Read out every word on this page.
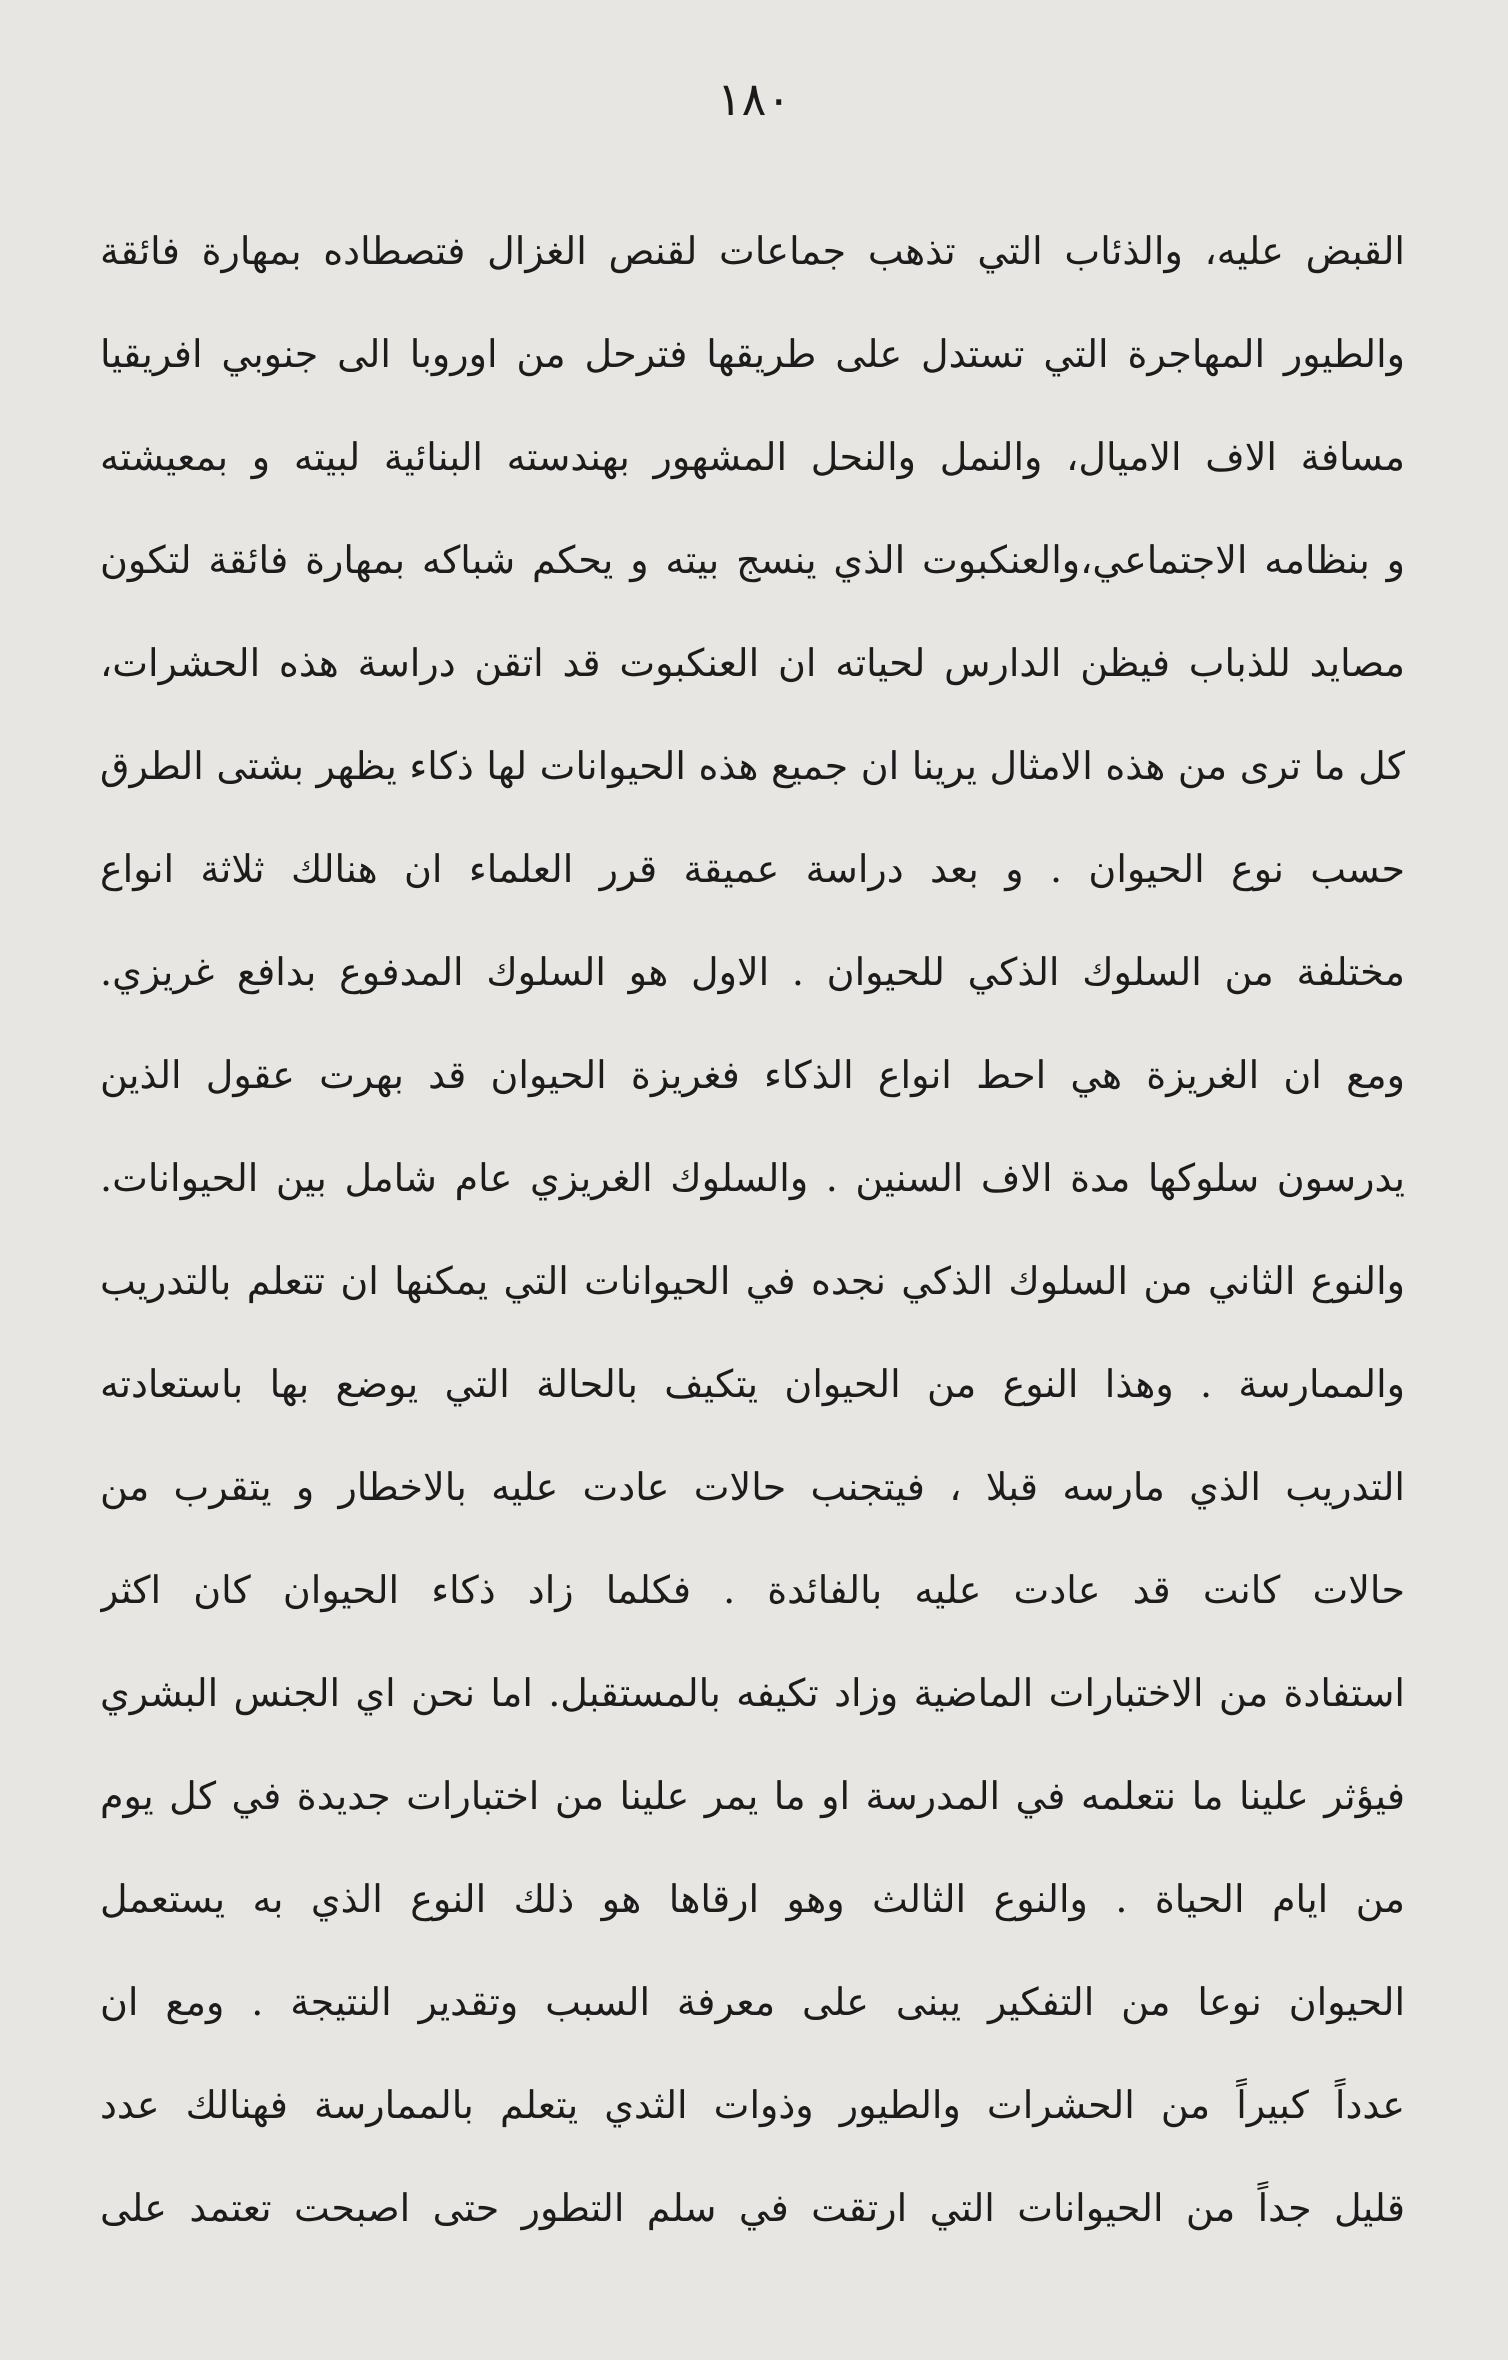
١٨٠
القبض عليه، والذئاب التي تذهب جماعات لقنص الغزال فتصطاده بمهارة فائقة
والطيور المهاجرة التي تستدل على طريقها فترحل من اوروبا الى جنوبي افريقيا
مسافة الاف الاميال، والنمل والنحل المشهور بهندسته البنائية لبيته و بمعيشته
و بنظامه الاجتماعي،والعنكبوت الذي ينسج بيته و يحكم شباكه بمهارة فائقة لتكون
مصايد للذباب فيظن الدارس لحياته ان العنكبوت قد اتقن دراسة هذه الحشرات،
كل ما ترى من هذه الامثال يرينا ان جميع هذه الحيوانات لها ذكاء يظهر بشتى الطرق
حسب نوع الحيوان . و بعد دراسة عميقة قرر العلماء ان هنالك ثلاثة انواع
مختلفة من السلوك الذكي للحيوان . الاول هو السلوك المدفوع بدافع غريزي.
ومع ان الغريزة هي احط انواع الذكاء فغريزة الحيوان قد بهرت عقول الذين
يدرسون سلوكها مدة الاف السنين . والسلوك الغريزي عام شامل بين الحيوانات.
والنوع الثاني من السلوك الذكي نجده في الحيوانات التي يمكنها ان تتعلم بالتدريب
والممارسة . وهذا النوع من الحيوان يتكيف بالحالة التي يوضع بها باستعادته
التدريب الذي مارسه قبلا ، فيتجنب حالات عادت عليه بالاخطار و يتقرب من
حالات كانت قد عادت عليه بالفائدة . فكلما زاد ذكاء الحيوان كان اكثر
استفادة من الاختبارات الماضية وزاد تكيفه بالمستقبل. اما نحن اي الجنس البشري
فيؤثر علينا ما نتعلمه في المدرسة او ما يمر علينا من اختبارات جديدة في كل يوم
من ايام الحياة . والنوع الثالث وهو ارقاها هو ذلك النوع الذي به يستعمل
الحيوان نوعا من التفكير يبنى على معرفة السبب وتقدير النتيجة . ومع ان
عدداً كبيراً من الحشرات والطيور وذوات الثدي يتعلم بالممارسة فهنالك عدد
قليل جداً من الحيوانات التي ارتقت في سلم التطور حتى اصبحت تعتمد على
